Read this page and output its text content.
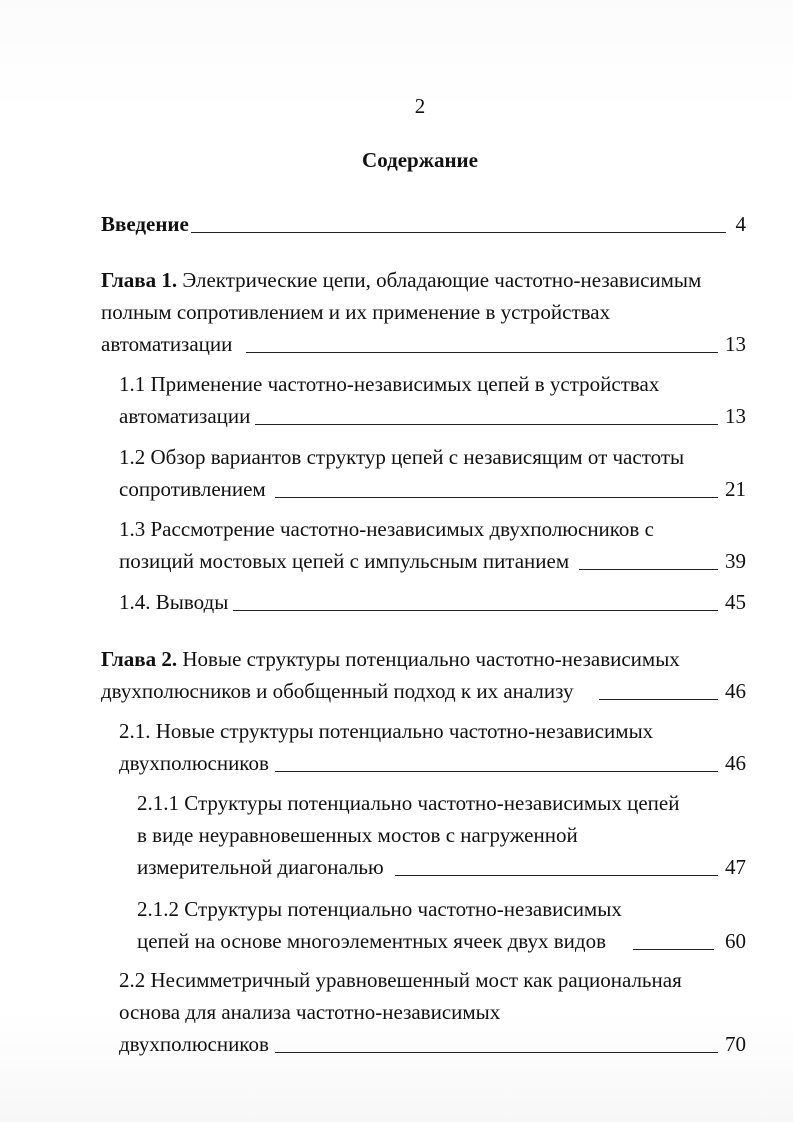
2
Содержание
Введение	4
Глава 1. Электрические цепи, обладающие частотно-независимым
полным сопротивлением и их применение в устройствах
автоматизации	13
1.1 Применение частотно-независимых цепей в устройствах
автоматизации	13
1.2 Обзор вариантов структур цепей с независящим от частоты
сопротивлением	21
1.3 Рассмотрение частотно-независимых двухполюсников с
позиций мостовых цепей с импульсным питанием	39
1.4. Выводы	45
Глава 2. Новые структуры потенциально частотно-независимых
двухполюсников и обобщенный подход к их анализу	46
2.1. Новые структуры потенциально частотно-независимых
двухполюсников	46
2.1.1 Структуры потенциально частотно-независимых цепей
в виде неуравновешенных мостов с нагруженной
измерительной диагональю	47
2.1.2 Структуры потенциально частотно-независимых
цепей на основе многоэлементных ячеек двух видов	60
2.2 Несимметричный уравновешенный мост как рациональная
основа для анализа частотно-независимых
двухполюсников	70
